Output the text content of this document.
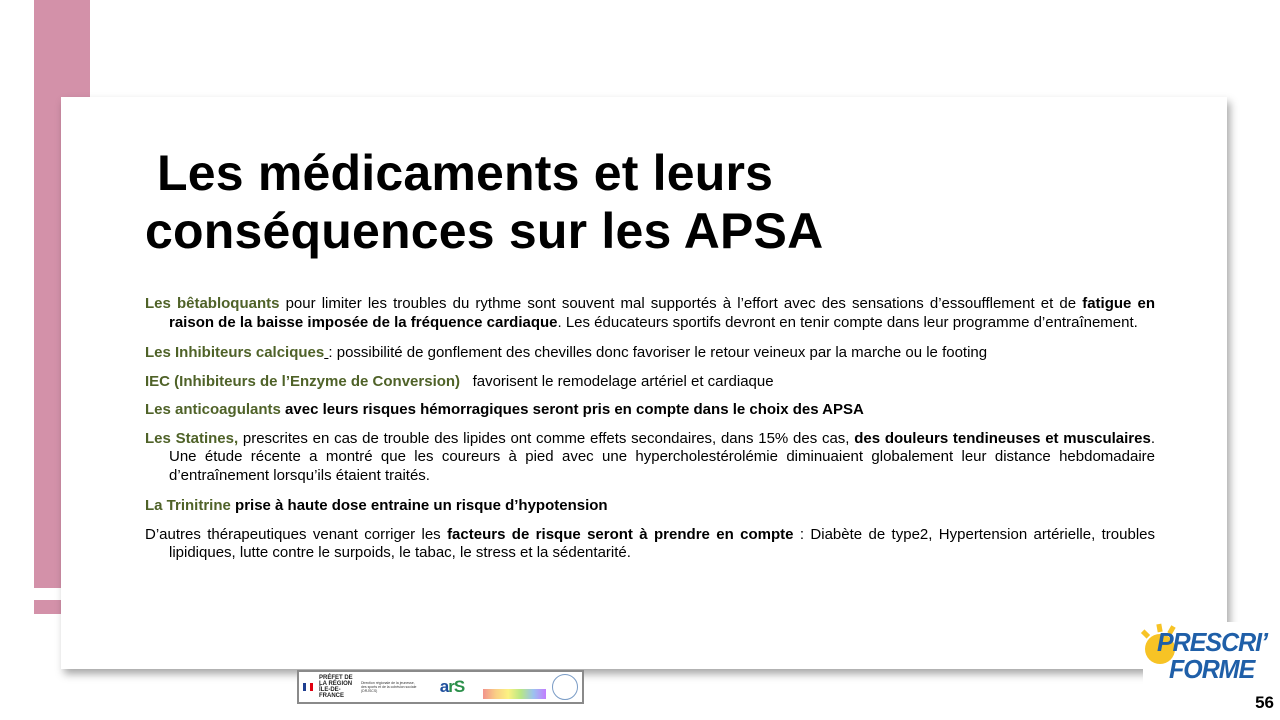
Les médicaments et leurs
conséquences sur les APSA

Les bêtabloquants pour limiter les troubles du rythme sont souvent mal supportés à l’effort avec des sensations d’essoufflement et de fatigue en raison de la baisse imposée de la fréquence cardiaque. Les éducateurs sportifs devront en tenir compte dans leur programme d’entraînement.

Les Inhibiteurs calciques : possibilité de gonflement des chevilles donc favoriser le retour veineux par la marche ou le footing

IEC (Inhibiteurs de l’Enzyme de Conversion)   favorisent le remodelage artériel et cardiaque

Les anticoagulants avec leurs risques hémorragiques seront pris en compte dans le choix des APSA

Les Statines, prescrites en cas de trouble des lipides ont comme effets secondaires, dans 15% des cas, des douleurs tendineuses et musculaires. Une étude récente a montré que les coureurs à pied avec une hypercholestérolémie diminuaient globalement leur distance hebdomadaire d’entraînement lorsqu’ils étaient traités.

La Trinitrine prise à haute dose entraine un risque d’hypotension

D’autres thérapeutiques venant corriger les facteurs de risque seront à prendre en compte : Diabète de type2, Hypertension artérielle, troubles lipidiques, lutte contre le surpoids, le tabac, le stress et la sédentarité.

PRÉFET DE LA RÉGION ÎLE-DE-FRANCE
Direction régionale de la jeunesse, des sports et de la cohésion sociale (DRJSCS)	arS
PRESCRI’
FORME
56
